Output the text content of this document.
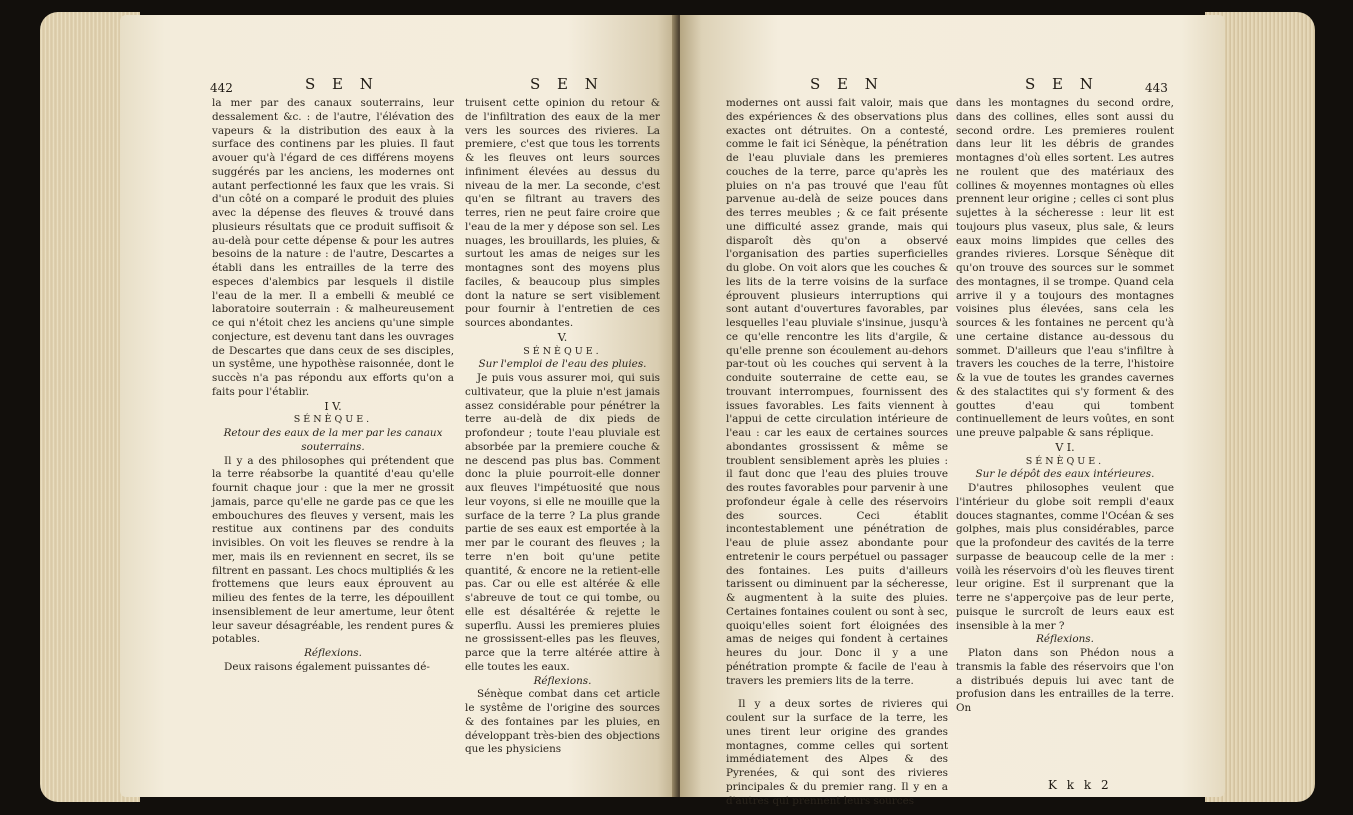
442	S E N	S E N

la mer par des canaux souterrains, leur dessalement &c. : de l'autre, l'élévation des vapeurs & la distribution des eaux à la surface des continens par les pluies. Il faut avouer qu'à l'égard de ces différens moyens suggérés par les anciens, les modernes ont autant perfectionné les faux que les vrais. Si d'un côté on a comparé le produit des pluies avec la dépense des fleuves & trouvé dans plusieurs résultats que ce produit suffisoit & au-delà pour cette dépense & pour les autres besoins de la nature : de l'autre, Descartes a établi dans les entrailles de la terre des especes d'alembics par lesquels il distile l'eau de la mer. Il a embelli & meublé ce laboratoire souterrain : & malheureusement ce qui n'étoit chez les anciens qu'une simple conjecture, est devenu tant dans les ouvrages de Descartes que dans ceux de ses disciples, un systême, une hypothèse raisonnée, dont le succès n'a pas répondu aux efforts qu'on a faits pour l'établir.

I V.

SÉNÈQUE.

Retour des eaux de la mer par les canaux souterrains.

Il y a des philosophes qui prétendent que la terre réabsorbe la quantité d'eau qu'elle fournit chaque jour : que la mer ne grossit jamais, parce qu'elle ne garde pas ce que les embouchures des fleuves y versent, mais les restitue aux continens par des conduits invisibles. On voit les fleuves se rendre à la mer, mais ils en reviennent en secret, ils se filtrent en passant. Les chocs multipliés & les frottemens que leurs eaux éprouvent au milieu des fentes de la terre, les dépouillent insensiblement de leur amertume, leur ôtent leur saveur désagréable, les rendent pures & potables.

Réflexions.

Deux raisons également puissantes dé-

truisent cette opinion du retour & de l'infiltration des eaux de la mer vers les sources des rivieres. La premiere, c'est que tous les torrents & les fleuves ont leurs sources infiniment élevées au dessus du niveau de la mer. La seconde, c'est qu'en se filtrant au travers des terres, rien ne peut faire croire que l'eau de la mer y dépose son sel. Les nuages, les brouillards, les pluies, & surtout les amas de neiges sur les montagnes sont des moyens plus faciles, & beaucoup plus simples dont la nature se sert visiblement pour fournir à l'entretien de ces sources abondantes.

V.

SÉNÈQUE.

Sur l'emploi de l'eau des pluies.

Je puis vous assurer moi, qui suis cultivateur, que la pluie n'est jamais assez considérable pour pénétrer la terre au-delà de dix pieds de profondeur ; toute l'eau pluviale est absorbée par la premiere couche & ne descend pas plus bas. Comment donc la pluie pourroit-elle donner aux fleuves l'impétuosité que nous leur voyons, si elle ne mouille que la surface de la terre ? La plus grande partie de ses eaux est emportée à la mer par le courant des fleuves ; la terre n'en boit qu'une petite quantité, & encore ne la retient-elle pas. Car ou elle est altérée & elle s'abreuve de tout ce qui tombe, ou elle est désaltérée & rejette le superflu. Aussi les premieres pluies ne grossissent-elles pas les fleuves, parce que la terre altérée attire à elle toutes les eaux.

Réflexions.

Sénèque combat dans cet article le systême de l'origine des sources & des fontaines par les pluies, en développant très-bien des objections que les physiciens

S E N	S E N	443

modernes ont aussi fait valoir, mais que des expériences & des observations plus exactes ont détruites. On a contesté, comme le fait ici Sénèque, la pénétration de l'eau pluviale dans les premieres couches de la terre, parce qu'après les pluies on n'a pas trouvé que l'eau fût parvenue au-delà de seize pouces dans des terres meubles ; & ce fait présente une difficulté assez grande, mais qui disparoît dès qu'on a observé l'organisation des parties superficielles du globe. On voit alors que les couches & les lits de la terre voisins de la surface éprouvent plusieurs interruptions qui sont autant d'ouvertures favorables, par lesquelles l'eau pluviale s'insinue, jusqu'à ce qu'elle rencontre les lits d'argile, & qu'elle prenne son écoulement au-dehors par-tout où les couches qui servent à la conduite souterraine de cette eau, se trouvant interrompues, fournissent des issues favorables. Les faits viennent à l'appui de cette circulation intérieure de l'eau : car les eaux de certaines sources abondantes grossissent & même se troublent sensiblement après les pluies : il faut donc que l'eau des pluies trouve des routes favorables pour parvenir à une profondeur égale à celle des réservoirs des sources. Ceci établit incontestablement une pénétration de l'eau de pluie assez abondante pour entretenir le cours perpétuel ou passager des fontaines. Les puits d'ailleurs tarissent ou diminuent par la sécheresse, & augmentent à la suite des pluies. Certaines fontaines coulent ou sont à sec, quoiqu'elles soient fort éloignées des amas de neiges qui fondent à certaines heures du jour. Donc il y a une pénétration prompte & facile de l'eau à travers les premiers lits de la terre.

Il y a deux sortes de rivieres qui coulent sur la surface de la terre, les unes tirent leur origine des grandes montagnes, comme celles qui sortent immédiatement des Alpes & des Pyrenées, & qui sont des rivieres principales & du premier rang. Il y en a d'autres qui prennent leurs sources

dans les montagnes du second ordre, dans des collines, elles sont aussi du second ordre. Les premieres roulent dans leur lit les débris de grandes montagnes d'où elles sortent. Les autres ne roulent que des matériaux des collines & moyennes montagnes où elles prennent leur origine ; celles ci sont plus sujettes à la sécheresse : leur lit est toujours plus vaseux, plus sale, & leurs eaux moins limpides que celles des grandes rivieres. Lorsque Sénèque dit qu'on trouve des sources sur le sommet des montagnes, il se trompe. Quand cela arrive il y a toujours des montagnes voisines plus élevées, sans cela les sources & les fontaines ne percent qu'à une certaine distance au-dessous du sommet. D'ailleurs que l'eau s'infiltre à travers les couches de la terre, l'histoire & la vue de toutes les grandes cavernes & des stalactites qui s'y forment & des gouttes d'eau qui tombent continuellement de leurs voûtes, en sont une preuve palpable & sans réplique.

V I.

SÉNÈQUE.

Sur le dépôt des eaux intérieures.

D'autres philosophes veulent que l'intérieur du globe soit rempli d'eaux douces stagnantes, comme l'Océan & ses golphes, mais plus considérables, parce que la profondeur des cavités de la terre surpasse de beaucoup celle de la mer : voilà les réservoirs d'où les fleuves tirent leur origine. Est il surprenant que la terre ne s'apperçoive pas de leur perte, puisque le surcroît de leurs eaux est insensible à la mer ?

Réflexions.

Platon dans son Phédon nous a transmis la fable des réservoirs que l'on a distribués depuis lui avec tant de profusion dans les entrailles de la terre. On

K k k 2
